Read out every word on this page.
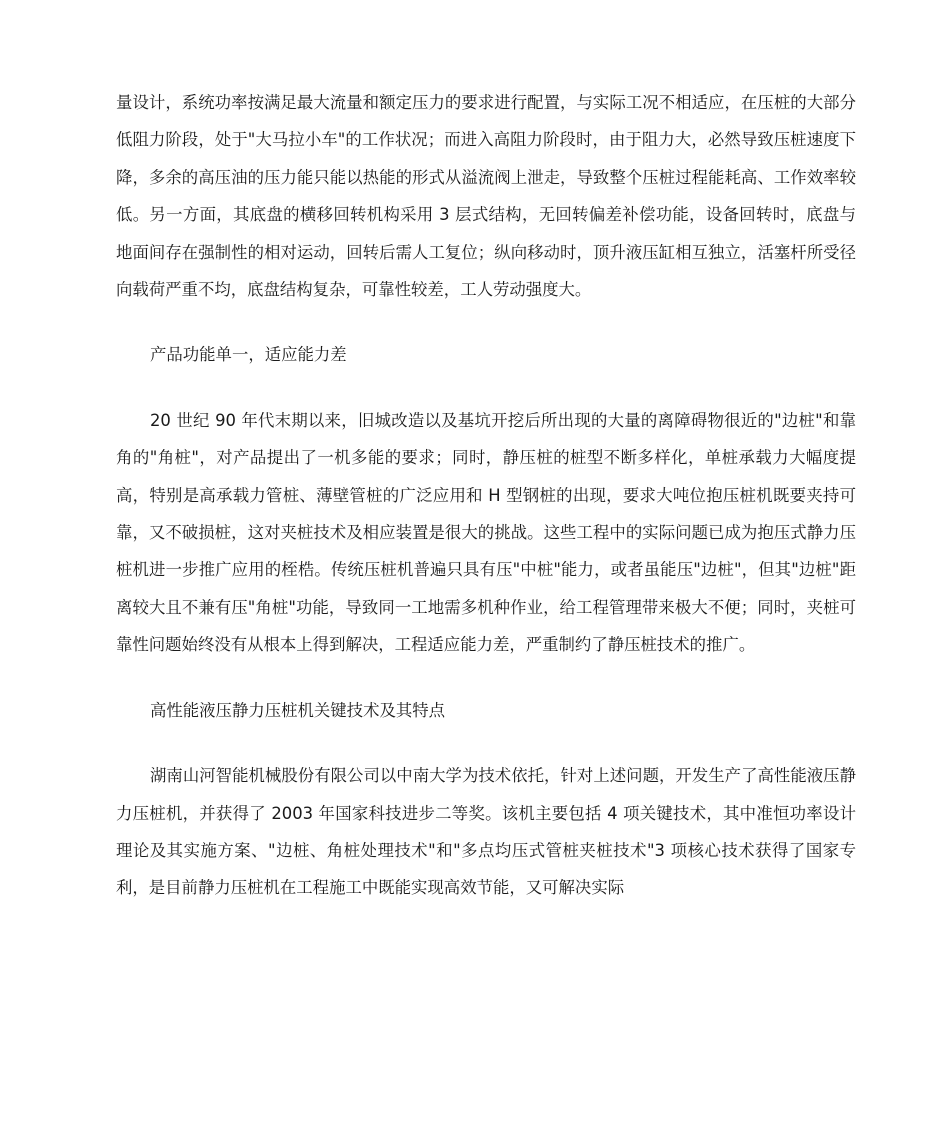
量设计，系统功率按满足最大流量和额定压力的要求进行配置，与实际工况不相适应，在压桩的大部分低阻力阶段，处于"大马拉小车"的工作状况；而进入高阻力阶段时，由于阻力大，必然导致压桩速度下降，多余的高压油的压力能只能以热能的形式从溢流阀上泄走，导致整个压桩过程能耗高、工作效率较低。另一方面，其底盘的横移回转机构采用 3 层式结构，无回转偏差补偿功能，设备回转时，底盘与地面间存在强制性的相对运动，回转后需人工复位；纵向移动时，顶升液压缸相互独立，活塞杆所受径向载荷严重不均，底盘结构复杂，可靠性较差，工人劳动强度大。

产品功能单一，适应能力差

20 世纪 90 年代末期以来，旧城改造以及基坑开挖后所出现的大量的离障碍物很近的"边桩"和靠角的"角桩"，对产品提出了一机多能的要求；同时，静压桩的桩型不断多样化，单桩承载力大幅度提高，特别是高承载力管桩、薄壁管桩的广泛应用和 H 型钢桩的出现，要求大吨位抱压桩机既要夹持可靠，又不破损桩，这对夹桩技术及相应装置是很大的挑战。这些工程中的实际问题已成为抱压式静力压桩机进一步推广应用的桎梏。传统压桩机普遍只具有压"中桩"能力，或者虽能压"边桩"，但其"边桩"距离较大且不兼有压"角桩"功能，导致同一工地需多机种作业，给工程管理带来极大不便；同时，夹桩可靠性问题始终没有从根本上得到解决，工程适应能力差，严重制约了静压桩技术的推广。

高性能液压静力压桩机关键技术及其特点

湖南山河智能机械股份有限公司以中南大学为技术依托，针对上述问题，开发生产了高性能液压静力压桩机，并获得了 2003 年国家科技进步二等奖。该机主要包括 4 项关键技术，其中准恒功率设计理论及其实施方案、"边桩、角桩处理技术"和"多点均压式管桩夹桩技术"3 项核心技术获得了国家专利，是目前静力压桩机在工程施工中既能实现高效节能，又可解决实际
